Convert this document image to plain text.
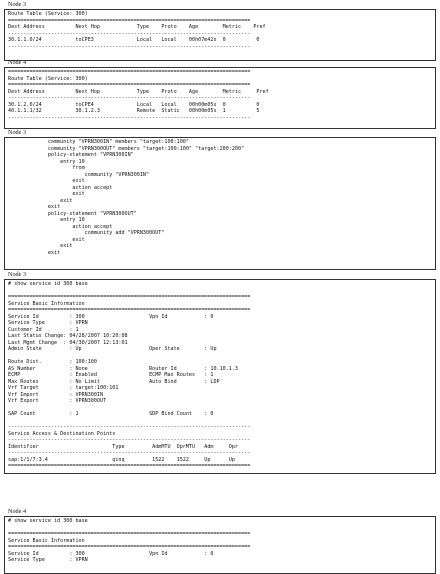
Node 3
Route Table (Service: 300)
===============================================================================
Dest Address          Next Hop            Type    Proto    Age        Metric    Pref
-------------------------------------------------------------------------------
30.1.1.0/24           toCPE3              Local   Local    00h07m42s  0          0
-------------------------------------------------------------------------------
Node 4
===============================================================================
Route Table (Service: 300)
===============================================================================
Dest Address          Next Hop            Type    Proto    Age        Metric     Pref
-------------------------------------------------------------------------------
30.1.2.0/24           toCPE4              Local   Local    00h00m05s  0          0
40.1.1.1/32           30.1.2.3            Remote  Static   00h00m05s  1          5
-------------------------------------------------------------------------------
Node 3
community "VPRN300IN" members "target:100:100"
community "VPRN300OUT" members "target:100:100" "target:200:200"
policy-statement "VPRN300IN"
entry 10
from
community "VPRN300IN"
exit
action accept
exit
exit
exit
policy-statement "VPRN300OUT"
entry 10
action accept
community add "VPRN300OUT"
exit
exit
exit
Node 3
# show service id 300 base

===============================================================================
Service Basic Information
===============================================================================
Service Id          : 300                     Vpn Id            : 0
Service Type        : VPRN
Customer Id         : 1
Last Status Change: 04/28/2007 10:20:08
Last Mgmt Change  : 04/30/2007 12:13:01
Admin State         : Up                      Oper State        : Up

Route Dist.         : 100:100
AS Number           : None                    Router Id         : 10.10.1.3
ECMP                : Enabled                 ECMP Max Routes   : 1
Max Routes          : No Limit                Auto Bind         : LDP
Vrf Target          : target:100:101
Vrf Import          : VPRN300IN
Vrf Export          : VPRN300OUT

SAP Count           : 1                       SDP Bind Count    : 0

-------------------------------------------------------------------------------
Service Access & Destination Points
-------------------------------------------------------------------------------
Identifier                        Type         AdmMTU  OprMTU   Adm     Opr
-------------------------------------------------------------------------------
sap:1/1/7:3.4                     qinq         1522    1522     Up      Up
===============================================================================
Node 4
# show service id 300 base

===============================================================================
Service Basic Information
===============================================================================
Service Id          : 300                     Vpn Id            : 0
Service Type        : VPRN
